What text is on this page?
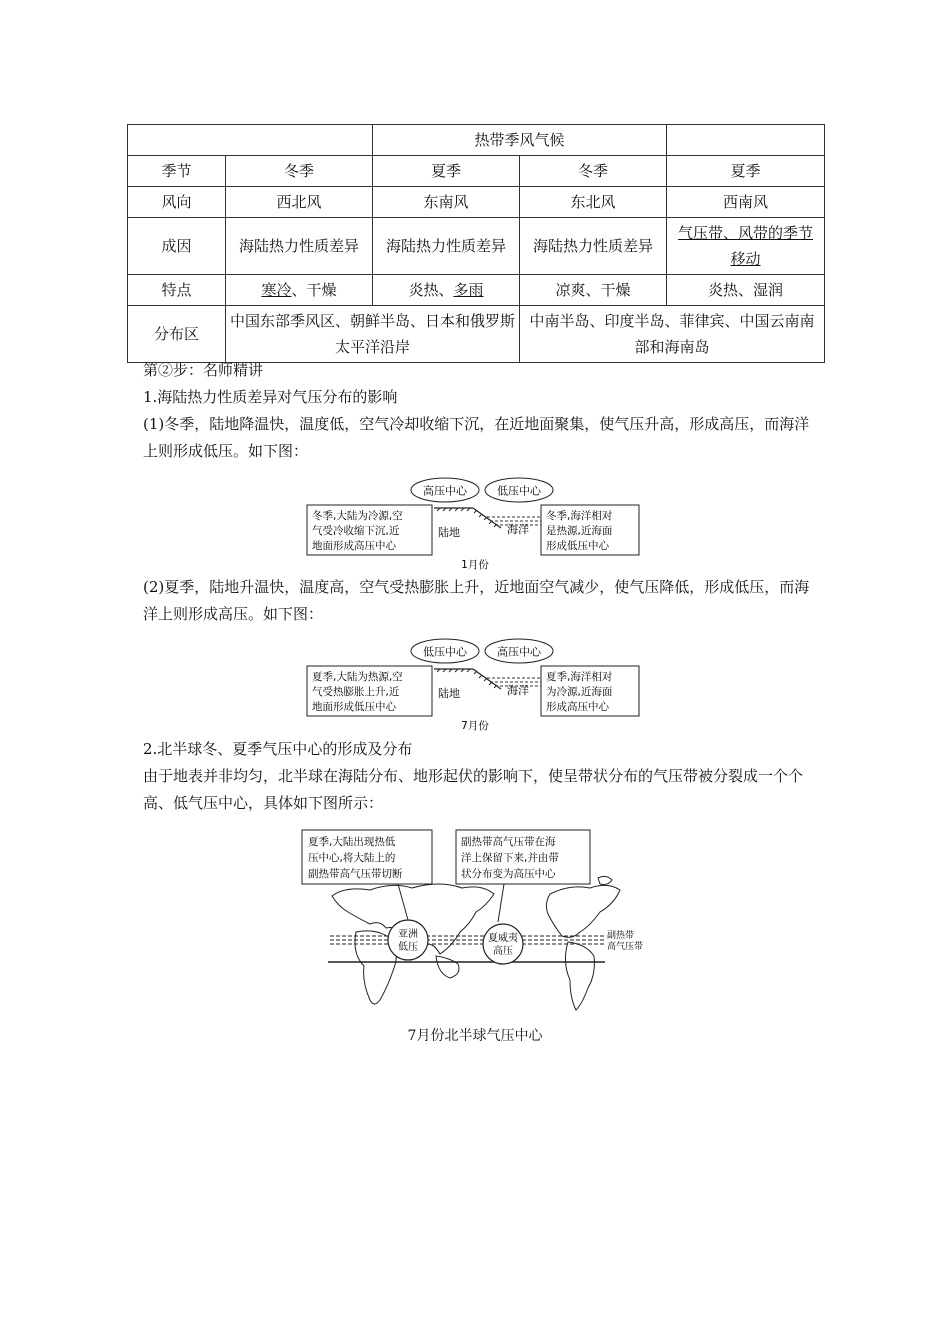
		热带季风气候		
季节	冬季	夏季	冬季	夏季
风向	西北风	东南风	东北风	西南风
成因	海陆热力性质差异	海陆热力性质差异	海陆热力性质差异	气压带、风带的季节移动
特点	寒冷、干燥	炎热、多雨	凉爽、干燥	炎热、湿润
分布区	中国东部季风区、朝鲜半岛、日本和俄罗斯太平洋沿岸		中南半岛、印度半岛、菲律宾、中国云南南部和海南岛	
第②步：名师精讲
1.海陆热力性质差异对气压分布的影响
(1)冬季，陆地降温快，温度低，空气冷却收缩下沉，在近地面聚集，使气压升高，形成高压，而海洋上则形成低压。如下图：
高压中心	低压中心
冬季,大陆为冷源,空
气受冷收缩下沉,近
地面形成高压中心
陆地	海洋
冬季,海洋相对
是热源,近海面
形成低压中心
1月份
(2)夏季，陆地升温快，温度高，空气受热膨胀上升，近地面空气减少，使气压降低，形成低压，而海洋上则形成高压。如下图：
低压中心	高压中心
夏季,大陆为热源,空
气受热膨胀上升,近
地面形成低压中心
陆地	海洋
夏季,海洋相对
为冷源,近海面
形成高压中心
7月份
2.北半球冬、夏季气压中心的形成及分布
由于地表并非均匀，北半球在海陆分布、地形起伏的影响下，使呈带状分布的气压带被分裂成一个个高、低气压中心，具体如下图所示：
夏季,大陆出现热低
压中心,将大陆上的
副热带高气压带切断
副热带高气压带在海
洋上保留下来,并由带
状分布变为高压中心
亚洲
低压
夏威夷
高压
副热带
高气压带
7月份北半球气压中心
